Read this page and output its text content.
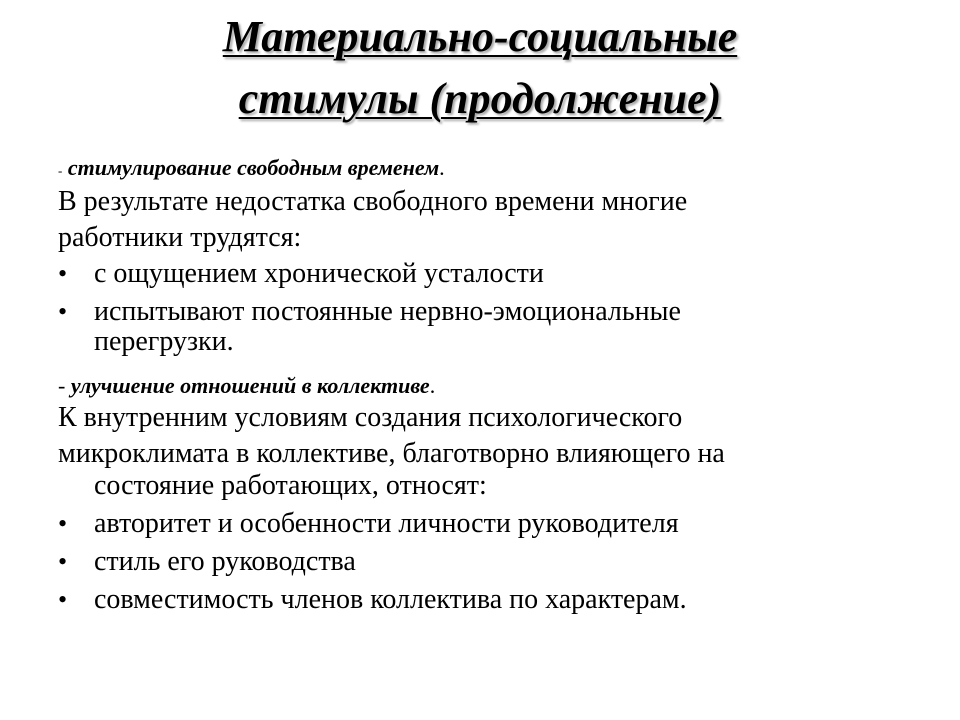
Материально-социальные
стимулы (продолжение)
- стимулирование свободным временем.
В результате недостатка свободного времени многие
работники трудятся:
• с ощущением хронической усталости
• испытывают постоянные нервно-эмоциональные
перегрузки.
- улучшение отношений в коллективе.
К внутренним условиям создания психологического
микроклимата в коллективе, благотворно влияющего на
состояние работающих, относят:
• авторитет и особенности личности руководителя
• стиль его руководства
• совместимость членов коллектива по характерам.
